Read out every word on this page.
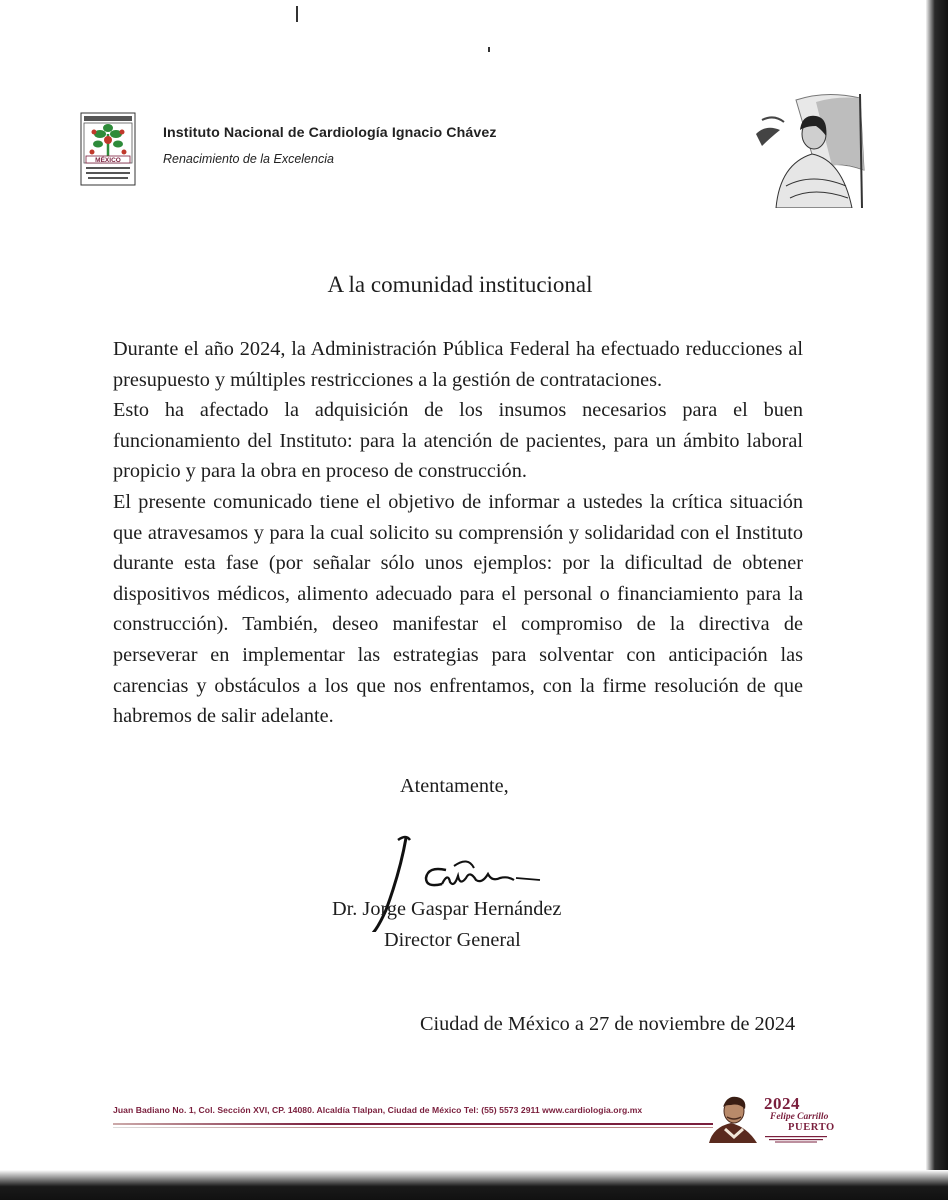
MÉXICO
Instituto Nacional de Cardiología Ignacio Chávez
Renacimiento de la Excelencia
A la comunidad institucional

Durante el año 2024, la Administración Pública Federal ha efectuado reducciones al presupuesto y múltiples restricciones a la gestión de contrataciones.

Esto ha afectado la adquisición de los insumos necesarios para el buen funcionamiento del Instituto: para la atención de pacientes, para un ámbito laboral propicio y para la obra en proceso de construcción.

El presente comunicado tiene el objetivo de informar a ustedes la crítica situación que atravesamos y para la cual solicito su comprensión y solidaridad con el Instituto durante esta fase (por señalar sólo unos ejemplos: por la dificultad de obtener dispositivos médicos, alimento adecuado para el personal o financiamiento para la construcción). También, deseo manifestar el compromiso de la directiva de perseverar en implementar las estrategias para solventar con anticipación las carencias y obstáculos a los que nos enfrentamos, con la firme resolución de que habremos de salir adelante.

Atentamente,
Dr. Jorge Gaspar Hernández
Director General
Ciudad de México a 27 de noviembre de 2024
Juan Badiano No. 1, Col. Sección XVI, CP. 14080. Alcaldía Tlalpan, Ciudad de México Tel: (55) 5573 2911 www.cardiologia.org.mx	2024
Felipe Carrillo
PUERTO
